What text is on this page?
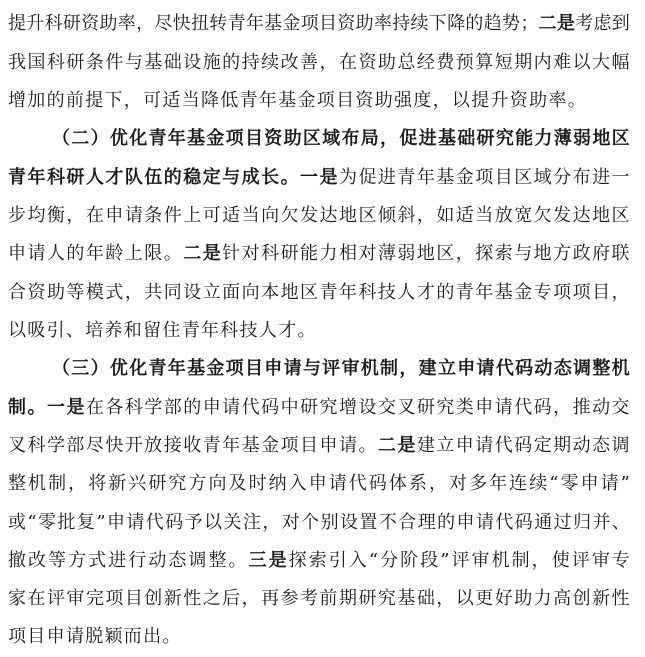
提 升 科 研 资 助 率 ， 尽 快 扭 转 青 年 基 金 项 目 资 助 率 持 续 下 降 的 趋 势 ； 二 是 考 虑 到
我 国 科 研 条 件 与 基 础 设 施 的 持 续 改 善 ， 在 资 助 总 经 费 预 算 短 期 内 难 以 大 幅
增加的前提下，可适当降低青年基金项目资助强度，以提升资助率。
（ 二 ） 优 化 青 年 基 金 项 目 资 助 区 域 布 局 ， 促 进 基 础 研 究 能 力 薄 弱 地 区
青 年 科 研 人 才 队 伍 的 稳 定 与 成 长 。 一 是 为 促 进 青 年 基 金 项 目 区 域 分 布 进 一
步 均 衡 ， 在 申 请 条 件 上 可 适 当 向 欠 发 达 地 区 倾 斜 ， 如 适 当 放 宽 欠 发 达 地 区
申 请 人 的 年 龄 上 限 。 二 是 针 对 科 研 能 力 相 对 薄 弱 地 区 ， 探 索 与 地 方 政 府 联
合 资 助 等 模 式 ， 共 同 设 立 面 向 本 地 区 青 年 科 技 人 才 的 青 年 基 金 专 项 项 目 ，
以吸引、培养和留住青年科技人才。
（ 三 ） 优 化 青 年 基 金 项 目 申 请 与 评 审 机 制 ， 建 立 申 请 代 码 动 态 调 整 机
制 。 一 是 在 各 科 学 部 的 申 请 代 码 中 研 究 增 设 交 叉 研 究 类 申 请 代 码 ， 推 动 交
叉 科 学 部 尽 快 开 放 接 收 青 年 基 金 项 目 申 请 。 二 是 建 立 申 请 代 码 定 期 动 态 调
整 机 制 ， 将 新 兴 研 究 方 向 及 时 纳 入 申 请 代 码 体 系 ， 对 多 年 连 续 “ 零 申 请 ”
或 “ 零 批 复 ” 申 请 代 码 予 以 关 注 ， 对 个 别 设 置 不 合 理 的 申 请 代 码 通 过 归 并 、
撤 改 等 方 式 进 行 动 态 调 整 。 三 是 探 索 引 入 “ 分 阶 段 ” 评 审 机 制 ， 使 评 审 专
家 在 评 审 完 项 目 创 新 性 之 后 ， 再 参 考 前 期 研 究 基 础 ， 以 更 好 助 力 高 创 新 性
项目申请脱颖而出。
